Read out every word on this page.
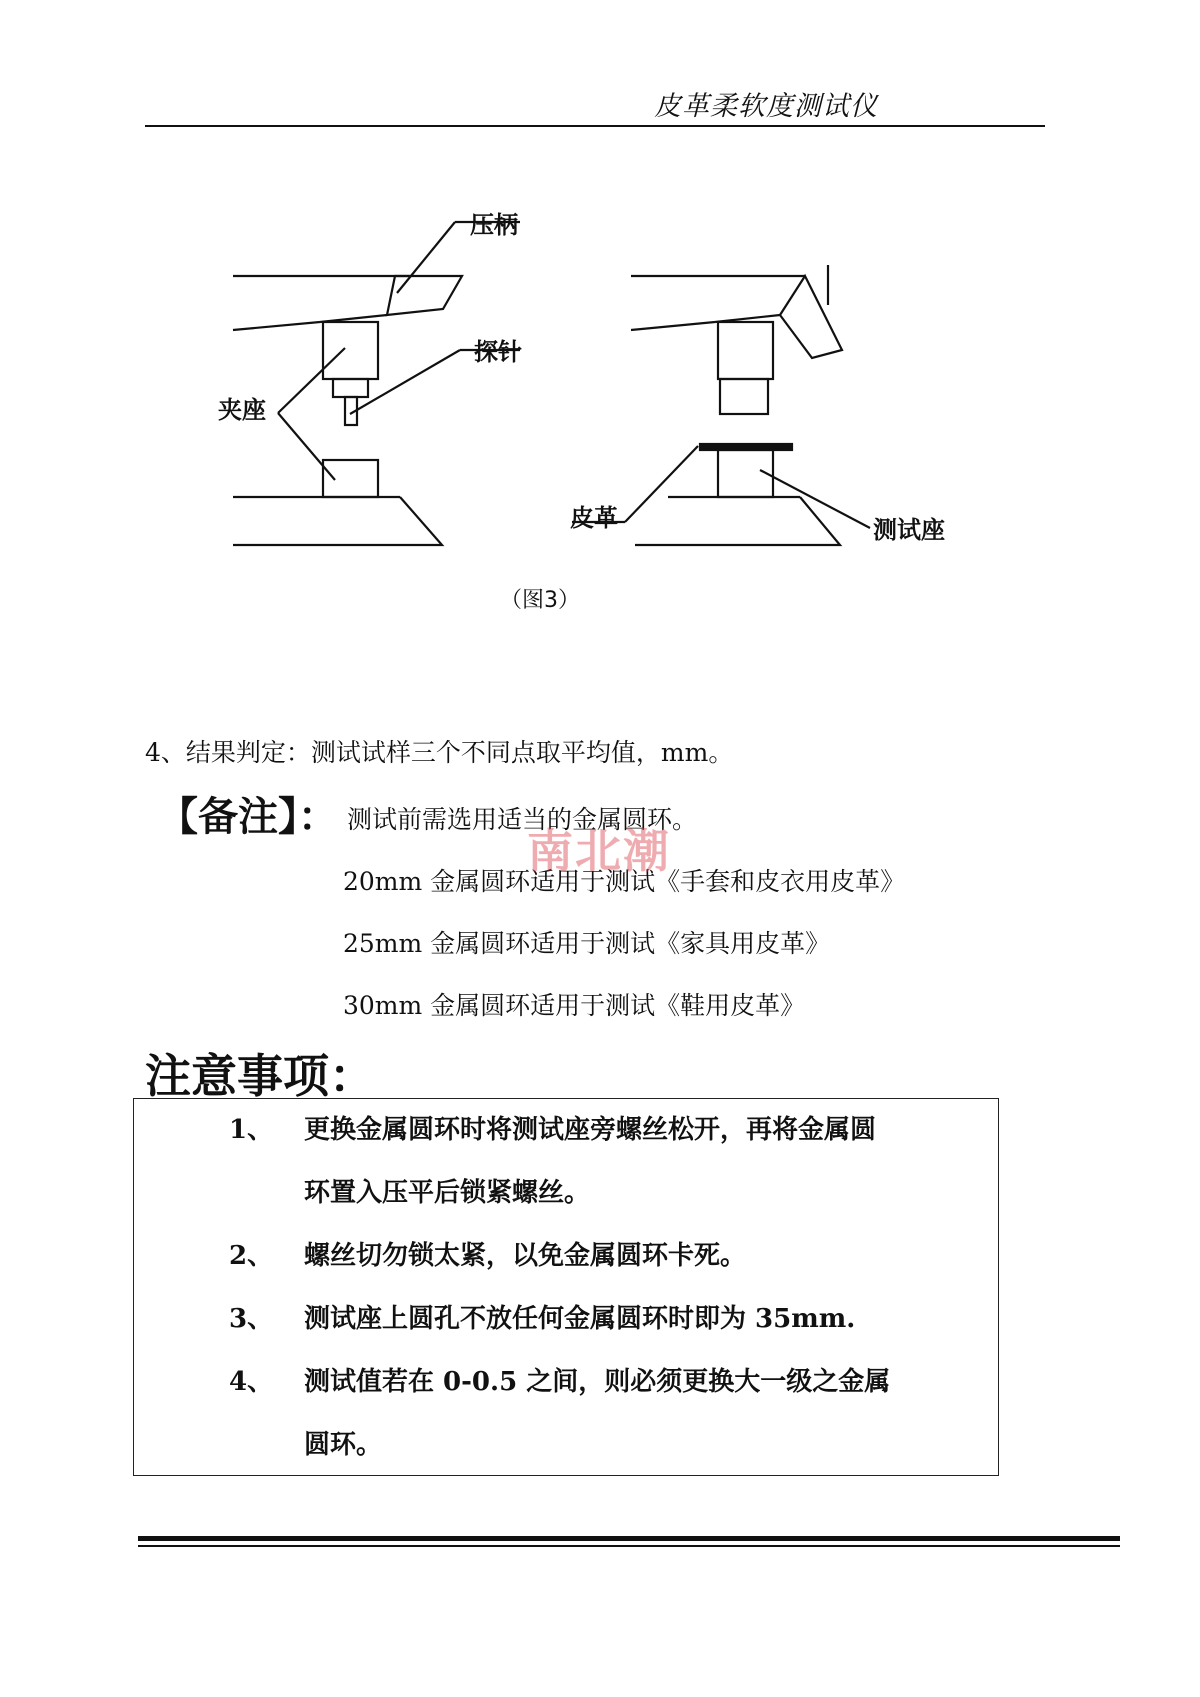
皮革柔软度测试仪
压柄
探针
夹座
皮革	测试座
（图3）
4、结果判定：测试试样三个不同点取平均值，mm。
【备注】： 测试前需选用适当的金属圆环。
20mm 金属圆环适用于测试《手套和皮衣用皮革》
25mm 金属圆环适用于测试《家具用皮革》
30mm 金属圆环适用于测试《鞋用皮革》
南北潮
注意事项：
1、 更换金属圆环时将测试座旁螺丝松开，再将金属圆
环置入压平后锁紧螺丝。
2、 螺丝切勿锁太紧，以免金属圆环卡死。
3、 测试座上圆孔不放任何金属圆环时即为 35mm.
4、 测试值若在 0-0.5 之间，则必须更换大一级之金属
圆环。
